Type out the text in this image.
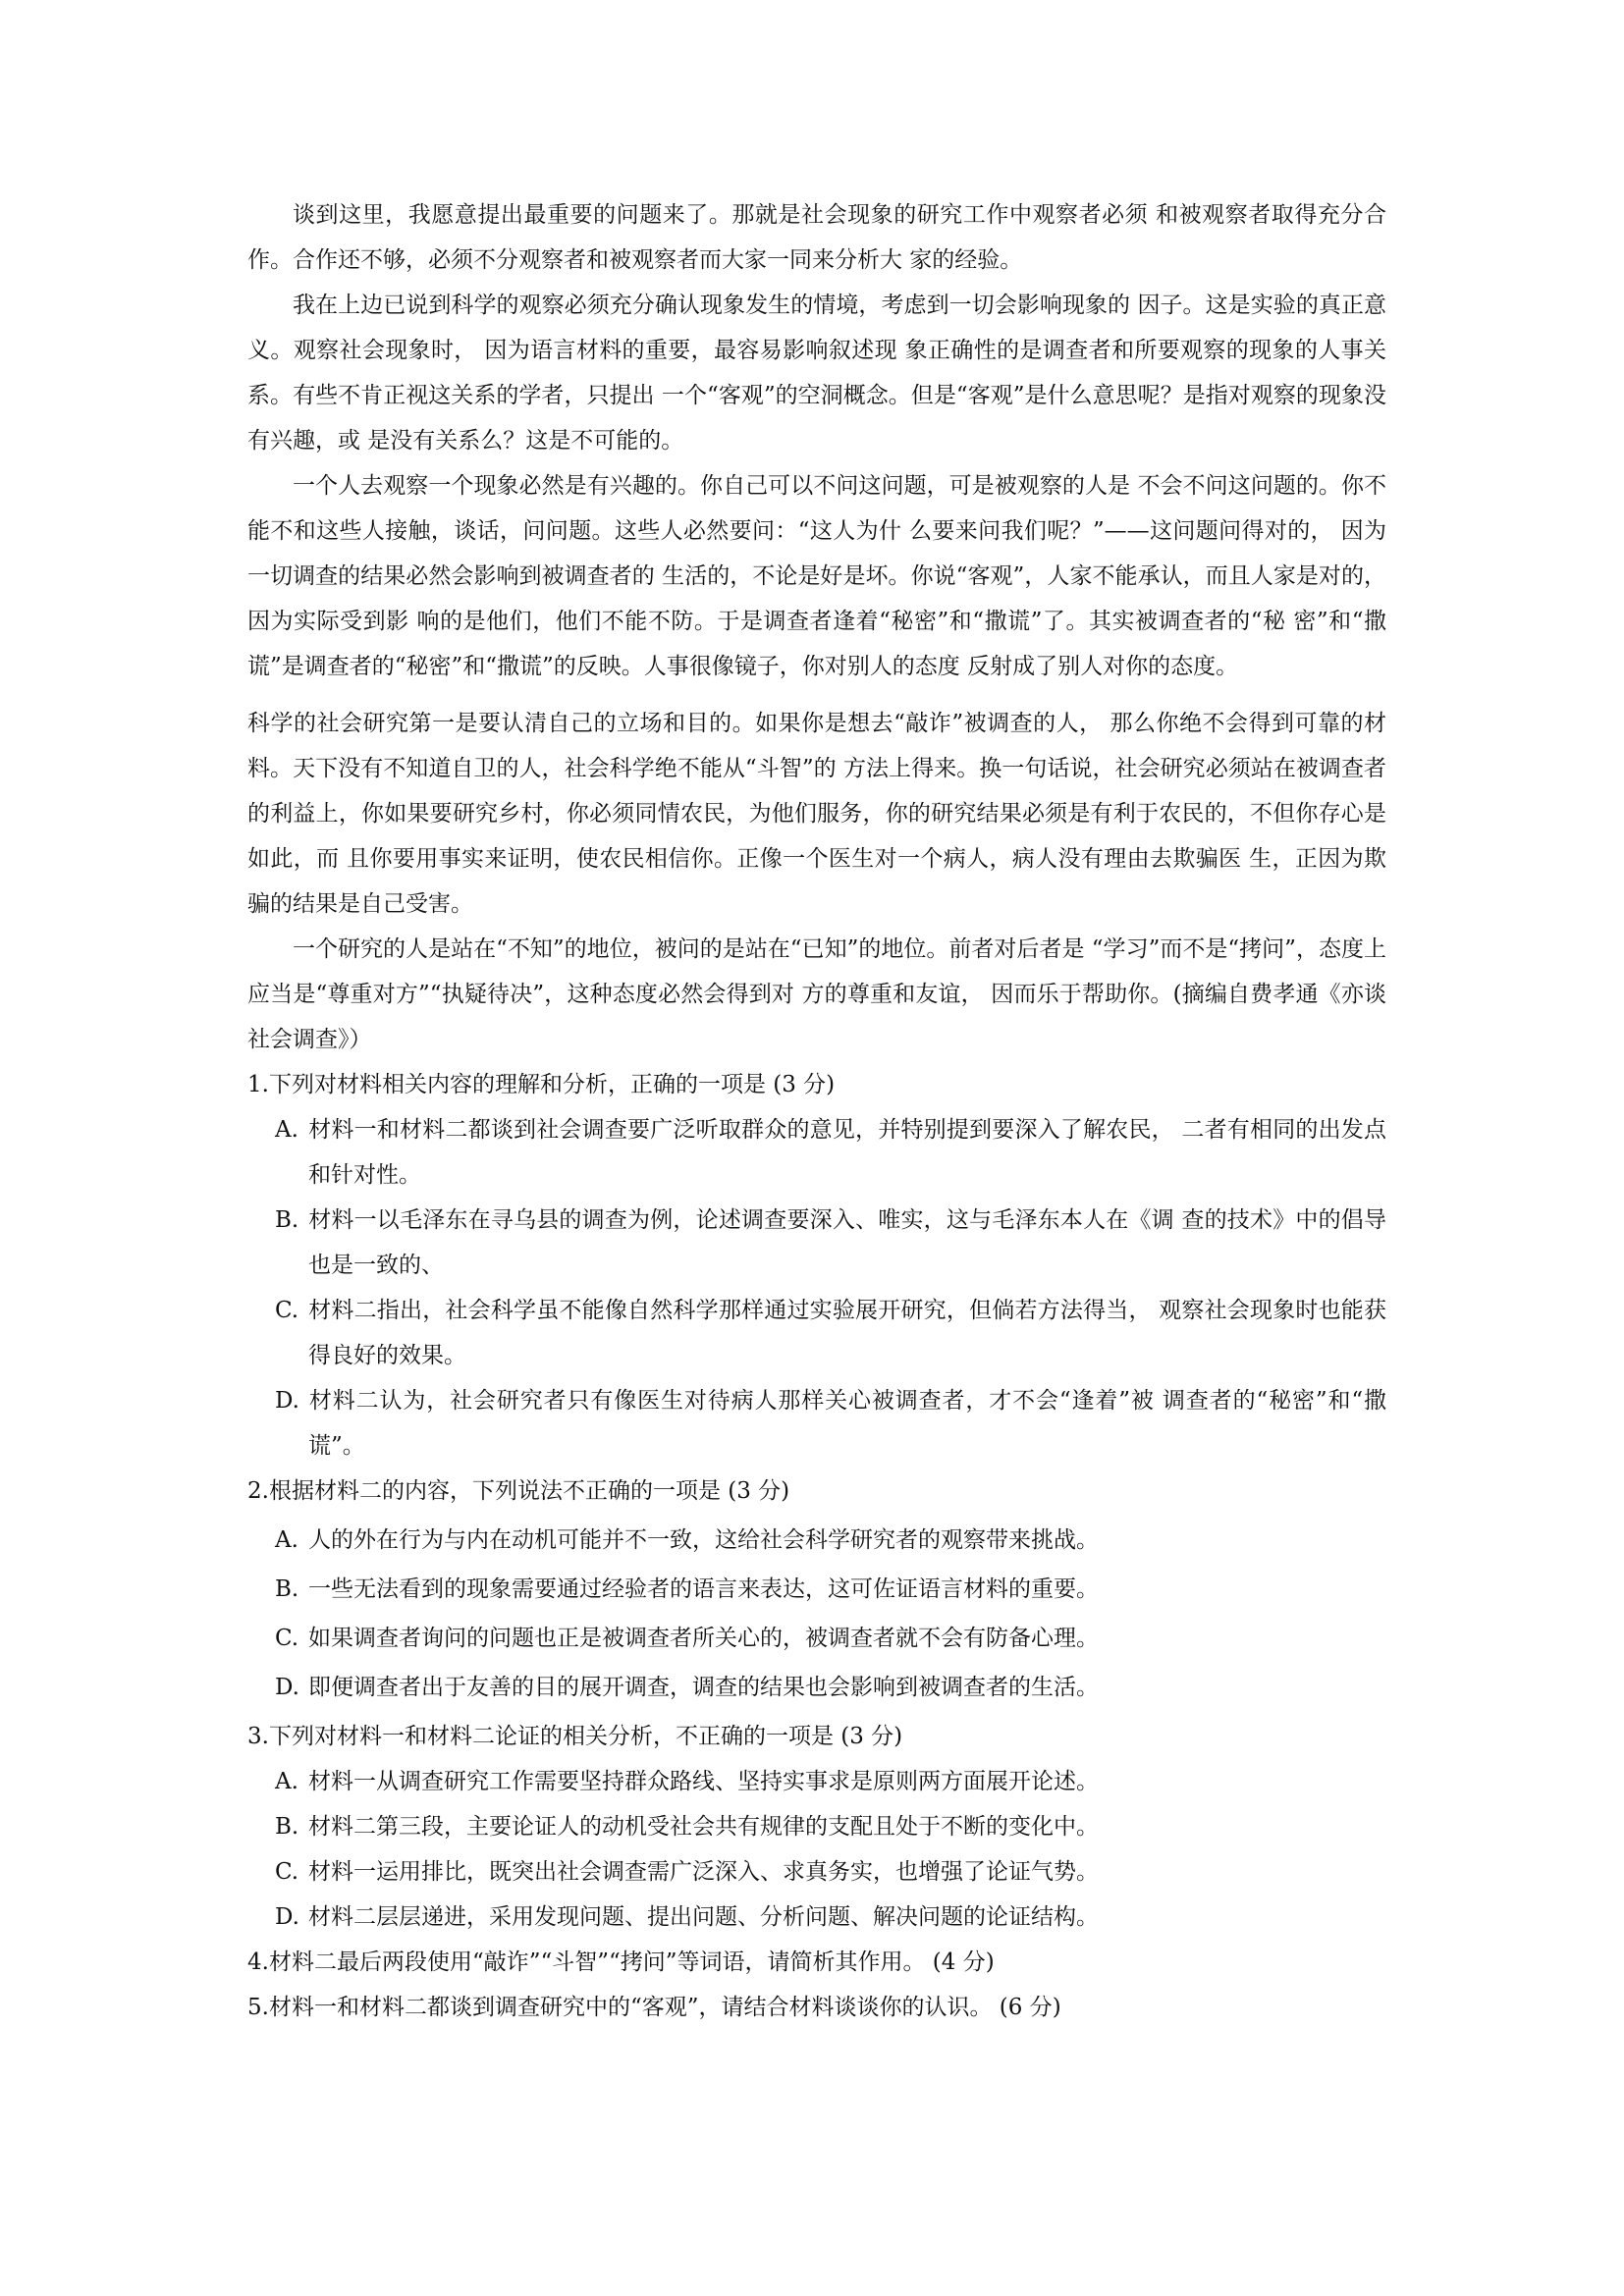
谈到这里，我愿意提出最重要的问题来了。那就是社会现象的研究工作中观察者必须 和被观察者取得充分合作。合作还不够，必须不分观察者和被观察者而大家一同来分析大 家的经验。

我在上边已说到科学的观察必须充分确认现象发生的情境，考虑到一切会影响现象的 因子。这是实验的真正意义。观察社会现象时， 因为语言材料的重要，最容易影响叙述现 象正确性的是调查者和所要观察的现象的人事关系。有些不肯正视这关系的学者，只提出 一个“客观”的空洞概念。但是“客观”是什么意思呢？是指对观察的现象没有兴趣，或 是没有关系么？这是不可能的。

一个人去观察一个现象必然是有兴趣的。你自己可以不问这问题，可是被观察的人是 不会不问这问题的。你不能不和这些人接触，谈话，问问题。这些人必然要问：“这人为什 么要来问我们呢？”——这问题问得对的， 因为一切调查的结果必然会影响到被调查者的 生活的，不论是好是坏。你说“客观”，人家不能承认，而且人家是对的，因为实际受到影 响的是他们，他们不能不防。于是调查者逢着“秘密”和“撒谎”了。其实被调查者的“秘 密”和“撒谎”是调查者的“秘密”和“撒谎”的反映。人事很像镜子，你对别人的态度 反射成了别人对你的态度。

科学的社会研究第一是要认清自己的立场和目的。如果你是想去“敲诈”被调查的人， 那么你绝不会得到可靠的材料。天下没有不知道自卫的人，社会科学绝不能从“斗智”的 方法上得来。换一句话说，社会研究必须站在被调查者的利益上，你如果要研究乡村，你必须同情农民，为他们服务，你的研究结果必须是有利于农民的，不但你存心是如此，而 且你要用事实来证明，使农民相信你。正像一个医生对一个病人，病人没有理由去欺骗医 生，正因为欺骗的结果是自己受害。

一个研究的人是站在“不知”的地位，被问的是站在“已知”的地位。前者对后者是 “学习”而不是“拷问”，态度上应当是“尊重对方”“执疑待决”，这种态度必然会得到对 方的尊重和友谊， 因而乐于帮助你。(摘编自费孝通《亦谈社会调查》）

1.下列对材料相关内容的理解和分析，正确的一项是 (3 分)

A. 材料一和材料二都谈到社会调查要广泛听取群众的意见，并特别提到要深入了解农民， 二者有相同的出发点和针对性。

B. 材料一以毛泽东在寻乌县的调查为例，论述调查要深入、唯实，这与毛泽东本人在《调 查的技术》中的倡导也是一致的、

C. 材料二指出，社会科学虽不能像自然科学那样通过实验展开研究，但倘若方法得当， 观察社会现象时也能获得良好的效果。

D. 材料二认为，社会研究者只有像医生对待病人那样关心被调查者，才不会“逢着”被 调查者的“秘密”和“撒谎”。

2.根据材料二的内容，下列说法不正确的一项是 (3 分)

A. 人的外在行为与内在动机可能并不一致，这给社会科学研究者的观察带来挑战。

B. 一些无法看到的现象需要通过经验者的语言来表达，这可佐证语言材料的重要。

C. 如果调查者询问的问题也正是被调查者所关心的，被调查者就不会有防备心理。

D. 即便调查者出于友善的目的展开调查，调查的结果也会影响到被调查者的生活。

3.下列对材料一和材料二论证的相关分析，不正确的一项是 (3 分)

A. 材料一从调查研究工作需要坚持群众路线、坚持实事求是原则两方面展开论述。

B. 材料二第三段，主要论证人的动机受社会共有规律的支配且处于不断的变化中。

C. 材料一运用排比，既突出社会调查需广泛深入、求真务实，也增强了论证气势。

D. 材料二层层递进，采用发现问题、提出问题、分析问题、解决问题的论证结构。

4.材料二最后两段使用“敲诈”“斗智”“拷问”等词语，请简析其作用。 (4 分)

5.材料一和材料二都谈到调查研究中的“客观”，请结合材料谈谈你的认识。 (6 分)
